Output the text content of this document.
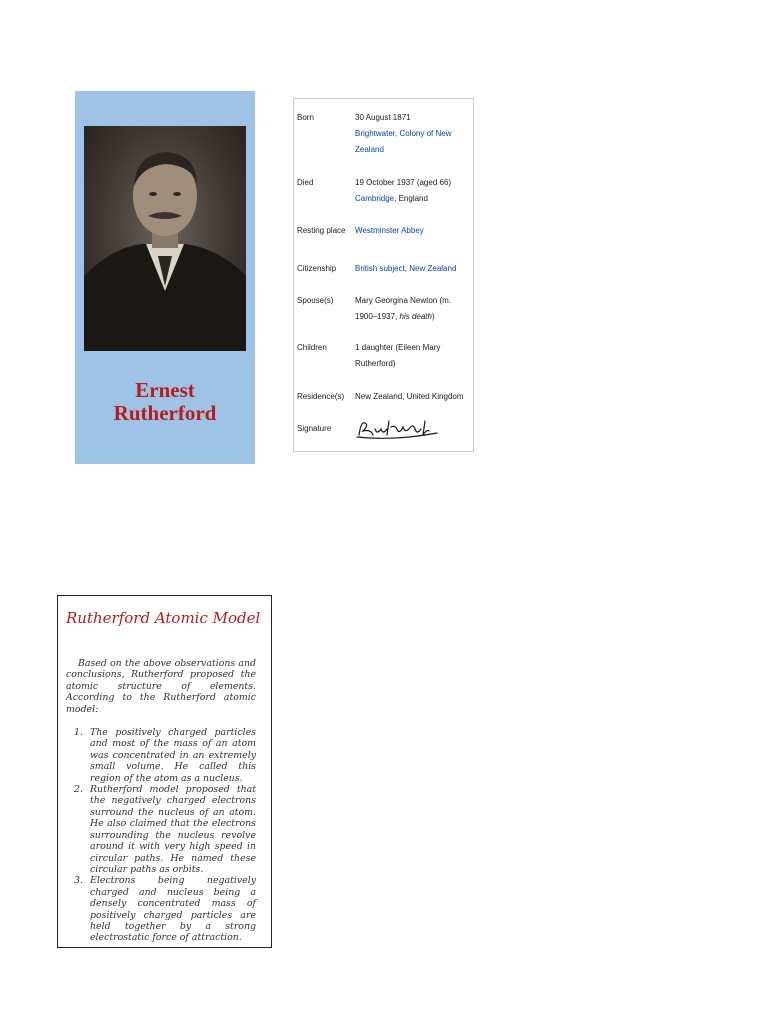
Ernest
Rutherford
Born	30 August 1871
Brightwater, Colony of New Zealand
Died	19 October 1937 (aged 66)
Cambridge, England
Resting place	Westminster Abbey
Citizenship	British subject, New Zealand
Spouse(s)	Mary Georgina Newton (m. 1900–1937, his death)
Children	1 daughter (Eileen Mary Rutherford)
Residence(s)	New Zealand, United Kingdom
Signature
Rutherford Atomic Model

Based on the above observations and conclusions, Rutherford proposed the atomic structure of elements. According to the Rutherford atomic model:

1. The positively charged particles and most of the mass of an atom was concentrated in an extremely small volume. He called this region of the atom as a nucleus.
2. Rutherford model proposed that the negatively charged electrons surround the nucleus of an atom. He also claimed that the electrons surrounding the nucleus revolve around it with very high speed in circular paths. He named these circular paths as orbits.
3. Electrons being negatively charged and nucleus being a densely concentrated mass of positively charged particles are held together by a strong electrostatic force of attraction.
